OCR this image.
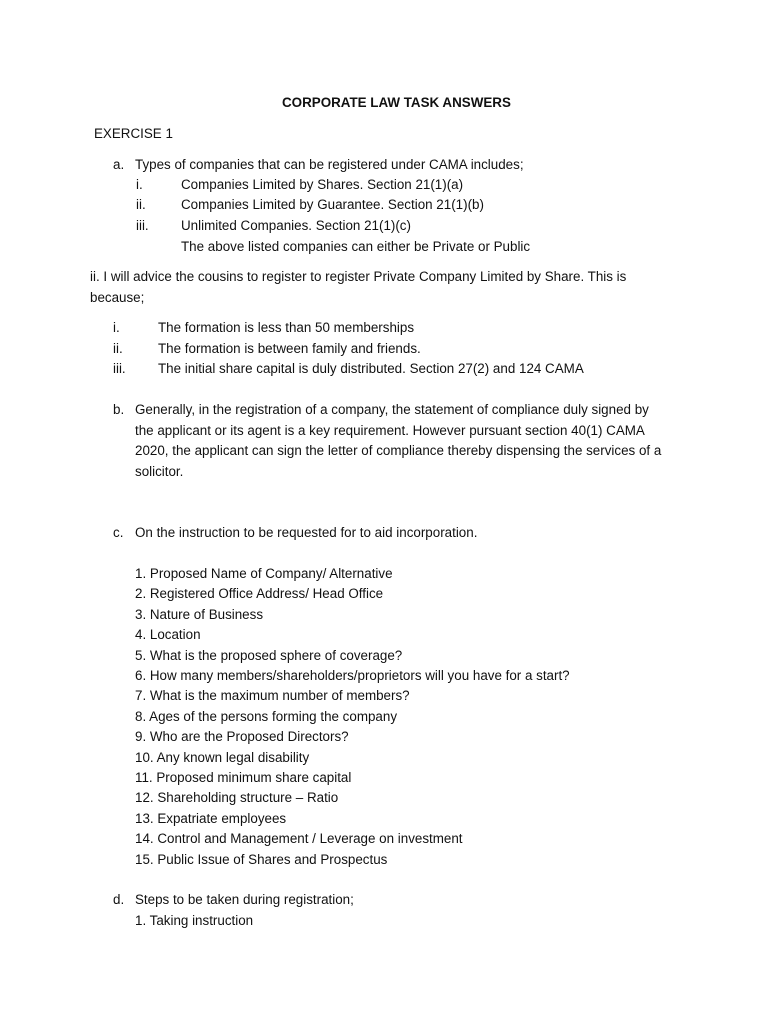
CORPORATE LAW TASK ANSWERS
EXERCISE 1
a. Types of companies that can be registered under CAMA includes;
i.	Companies Limited by Shares. Section 21(1)(a)
ii.	Companies Limited by Guarantee. Section 21(1)(b)
iii. Unlimited Companies. Section 21(1)(c)
The above listed companies can either be Private or Public
ii. I will advice the cousins to register to register Private Company Limited by Share. This is
because;
i.	The formation is less than 50 memberships
ii.	The formation is between family and friends.
iii. The initial share capital is duly distributed. Section 27(2) and 124 CAMA
b. Generally, in the registration of a company, the statement of compliance duly signed by
the applicant or its agent is a key requirement. However pursuant section 40(1) CAMA
2020, the applicant can sign the letter of compliance thereby dispensing the services of a
solicitor.
c. On the instruction to be requested for to aid incorporation.
1. Proposed Name of Company/ Alternative
2. Registered Office Address/ Head Office
3. Nature of Business
4. Location
5. What is the proposed sphere of coverage?
6. How many members/shareholders/proprietors will you have for a start?
7. What is the maximum number of members?
8. Ages of the persons forming the company
9. Who are the Proposed Directors?
10. Any known legal disability
11. Proposed minimum share capital
12. Shareholding structure – Ratio
13. Expatriate employees
14. Control and Management / Leverage on investment
15. Public Issue of Shares and Prospectus
d. Steps to be taken during registration;
1. Taking instruction
